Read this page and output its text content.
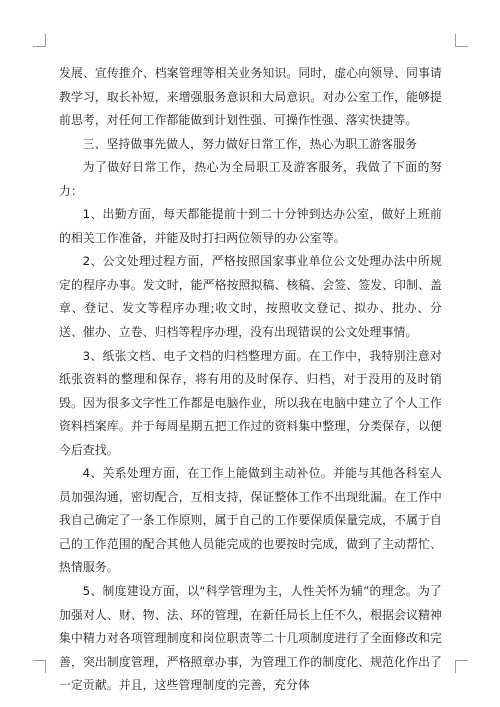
发展、宣传推介、档案管理等相关业务知识。同时，虚心向领导、同事请教学习，取长补短，来增强服务意识和大局意识。对办公室工作，能够提前思考，对任何工作都能做到计划性强、可操作性强、落实快捷等。

三、坚持做事先做人，努力做好日常工作，热心为职工游客服务

为了做好日常工作，热心为全局职工及游客服务，我做了下面的努力：

1、出勤方面，每天都能提前十到二十分钟到达办公室，做好上班前的相关工作准备，并能及时打扫两位领导的办公室等。

2、公文处理过程方面，严格按照国家事业单位公文处理办法中所规定的程序办事。发文时，能严格按照拟稿、核稿、会签、签发、印制、盖章、登记、发文等程序办理;收文时，按照收文登记、拟办、批办、分送、催办、立卷、归档等程序办理，没有出现错误的公文处理事情。

3、纸张文档、电子文档的归档整理方面。在工作中，我特别注意对纸张资料的整理和保存，将有用的及时保存、归档，对于没用的及时销毁。因为很多文字性工作都是电脑作业，所以我在电脑中建立了个人工作资料档案库。并于每周星期五把工作过的资料集中整理，分类保存，以便今后查找。

4、关系处理方面，在工作上能做到主动补位。并能与其他各科室人员加强沟通，密切配合，互相支持，保证整体工作不出现纰漏。在工作中我自己确定了一条工作原则，属于自己的工作要保质保量完成，不属于自己的工作范围的配合其他人员能完成的也要按时完成，做到了主动帮忙、热情服务。

5、制度建设方面，以“科学管理为主，人性关怀为辅”的理念。为了加强对人、财、物、法、环的管理，在新任局长上任不久，根据会议精神集中精力对各项管理制度和岗位职责等二十几项制度进行了全面修改和完善，突出制度管理，严格照章办事，为管理工作的制度化、规范化作出了一定贡献。并且，这些管理制度的完善，充分体
